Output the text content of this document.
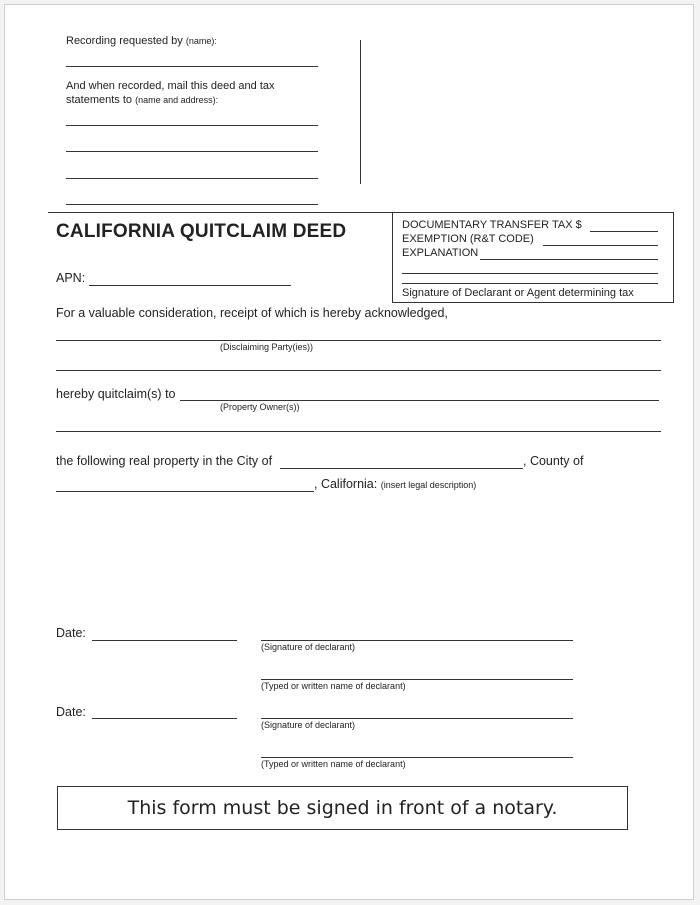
Recording requested by (name):
And when recorded, mail this deed and tax
statements to (name and address):
CALIFORNIA QUITCLAIM DEED	DOCUMENTARY TRANSFER TAX $
EXEMPTION (R&T CODE)
EXPLANATION
Signature of Declarant or Agent determining tax
APN:
For a valuable consideration, receipt of which is hereby acknowledged,
(Disclaiming Party(ies))
hereby quitclaim(s) to
(Property Owner(s))
the following real property in the City of	, County of
, California: (insert legal description)
Date:
(Signature of declarant)
(Typed or written name of declarant)
Date:
(Signature of declarant)
(Typed or written name of declarant)
This form must be signed in front of a notary.
